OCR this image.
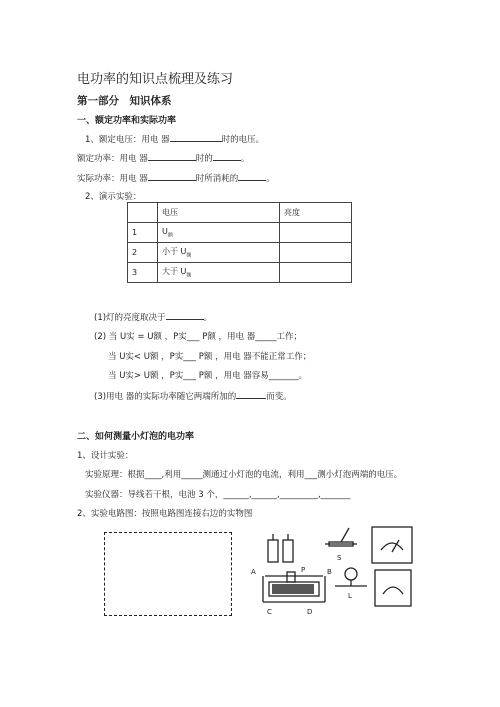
电功率的知识点梳理及练习
第一部分　知识体系
一、额定功率和实际功率
1、额定电压：用电 器	时的电压。
额定功率：用电 器	时的	。
实际功率：用电 器	时所消耗的	。
2、演示实验：
	电压	亮度
1	$U_额$	
2	小于 $U_额$	
3	大于 $U_额$	
(1)灯的亮度取决于	。
(2) 当 U实 = U额 ，P实___ P额 ，用电 器_____工作；
当 U实< U额 ，P实___ P额 ，用电 器不能正常工作；
当 U实> U额 ，P实___ P额 ，用电 器容易_______。
(3)用电 器的实际功率随它两端所加的	而变。
二、如何测量小灯泡的电功率
1、设计实验：
实验原理：根据____,利用_____测通过小灯泡的电流，利用___测小灯泡两端的电压。
实验仪器：导线若干根，电池 3 个，______,______,_________,_______
2、实验电路图：按照电路图连接右边的实物图
A	B
C	D
S
L
P
